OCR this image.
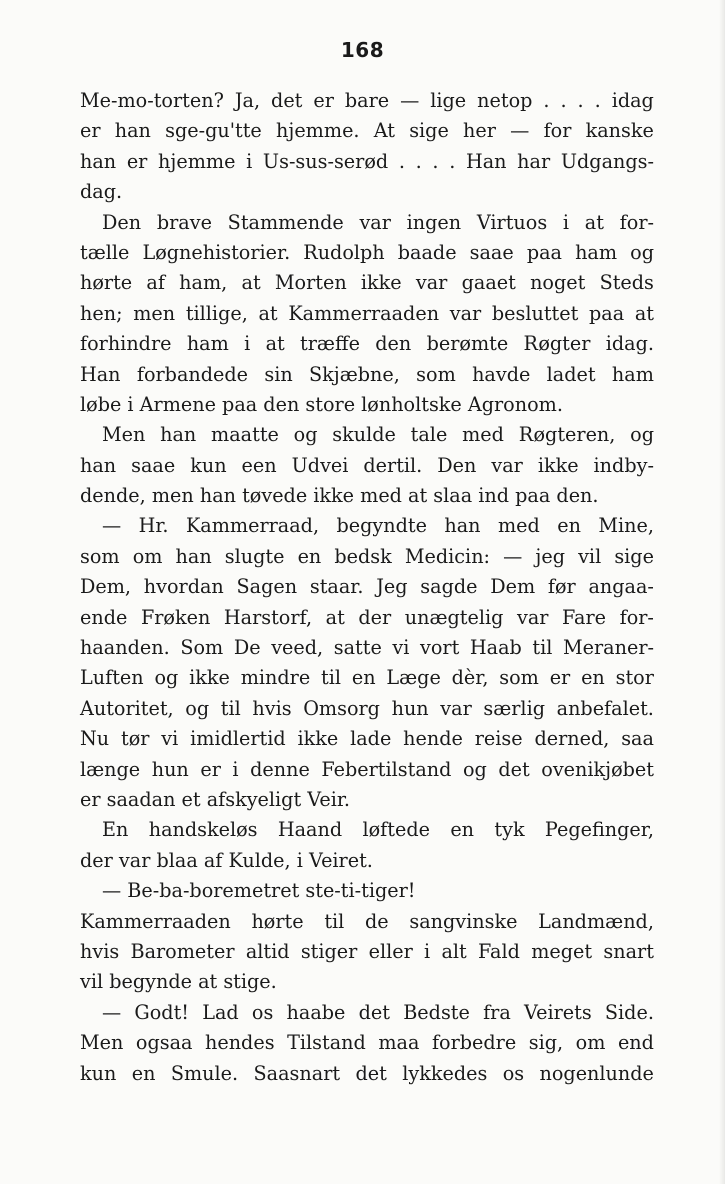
168
Me-mo-torten? Ja, det er bare — lige netop . . . . idag
er han sge-gu'tte hjemme. At sige her — for kanske
han er hjemme i Us-sus-serød . . . . Han har Udgangs-
dag.
Den brave Stammende var ingen Virtuos i at for-
tælle Løgnehistorier. Rudolph baade saae paa ham og
hørte af ham, at Morten ikke var gaaet noget Steds
hen; men tillige, at Kammerraaden var besluttet paa at
forhindre ham i at træffe den berømte Røgter idag.
Han forbandede sin Skjæbne, som havde ladet ham
løbe i Armene paa den store lønholtske Agronom.
Men han maatte og skulde tale med Røgteren, og
han saae kun een Udvei dertil. Den var ikke indby-
dende, men han tøvede ikke med at slaa ind paa den.
— Hr. Kammerraad, begyndte han med en Mine,
som om han slugte en bedsk Medicin: — jeg vil sige
Dem, hvordan Sagen staar. Jeg sagde Dem før angaa-
ende Frøken Harstorf, at der unægtelig var Fare for-
haanden. Som De veed, satte vi vort Haab til Meraner-
Luften og ikke mindre til en Læge dèr, som er en stor
Autoritet, og til hvis Omsorg hun var særlig anbefalet.
Nu tør vi imidlertid ikke lade hende reise derned, saa
længe hun er i denne Febertilstand og det ovenikjøbet
er saadan et afskyeligt Veir.
En handskeløs Haand løftede en tyk Pegefinger,
der var blaa af Kulde, i Veiret.
— Be-ba-boremetret ste-ti-tiger!
Kammerraaden hørte til de sangvinske Landmænd,
hvis Barometer altid stiger eller i alt Fald meget snart
vil begynde at stige.
— Godt! Lad os haabe det Bedste fra Veirets Side.
Men ogsaa hendes Tilstand maa forbedre sig, om end
kun en Smule. Saasnart det lykkedes os nogenlunde
